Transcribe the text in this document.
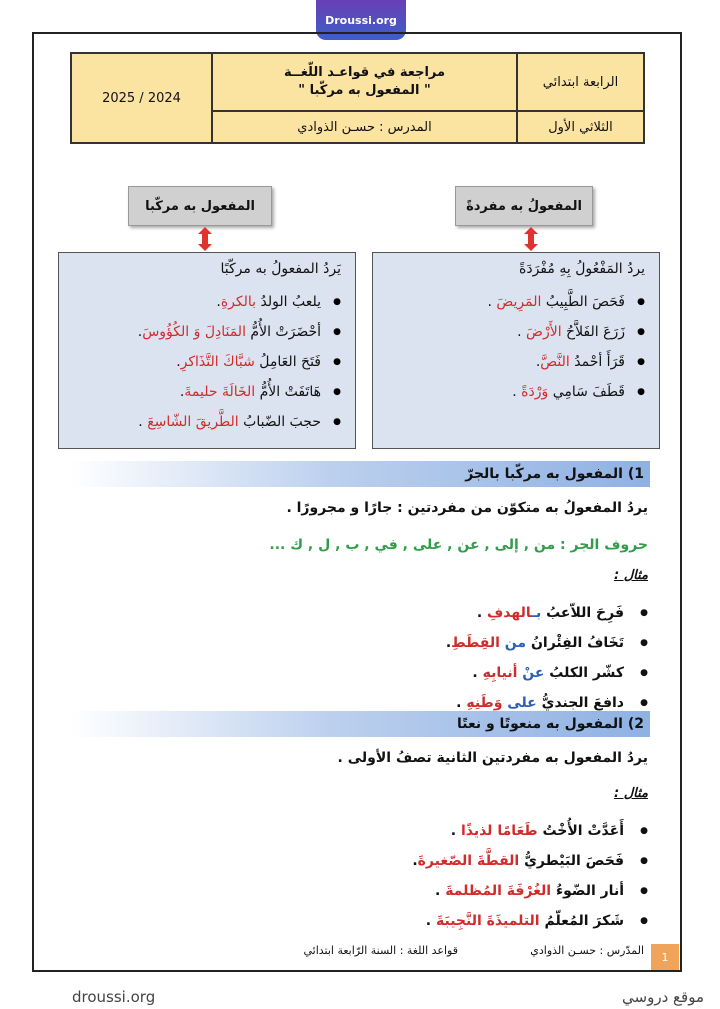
Droussi.org
الرابعة ابتدائي
الثلاثي الأول
مراجعة في قواعـد اللّغــة
" المفعول به مركّبا "
المدرس : حسـن الذوادي
2025 / 2024
المفعولُ به مفردةً
المفعول به مركّبا
يردُ المَفْعُولُ بِهِ مُفْرَدَةً
● فَحَصَ الطَّبِيبُ المَرِيضَ .
● زَرَعَ الفَلاَّحُ الأَرْضَ .
● قَرَأَ أحْمدُ النَّصَّ.
● قَطَفَ سَامِي وَرْدَةً .
يَردُ المفعولُ به مركّبًا
● يلعبُ الولدُ بالكرةِ.
● أحْضَرَتْ الأُمُّ المَنَادِلَ وَ الكُؤُوسَ.
● فَتَحَ العَامِلُ شبَّاكَ التَّذَاكرِ.
● هَاتَفَتْ الأُمُّ الخَالَةَ حليمةَ.
● حجبَ الضّبابُ الطَّريقَ الشّاسِعَ .
1) المفعول به مركّبا بالجرّ
يردُ المفعولُ به متكوّن من مفردتين : جارًا و مجرورًا .
حروف الجر : من , إلى , عن , على , في , ب , ل , ك ...
مثال :
● فَرِحَ اللاّعبُ بـالهدفِ .
● تَخَافُ الفِئْرانُ من القِطَطِ.
● كشّر الكلبُ عنْ أنيابِهِ .
● دافعَ الجنديُّ على وَطَنِهِ .
2) المفعول به منعوتًا و نعتًا
يردُ المفعول به مفردتين الثانية تصفُ الأولى .
مثال :
● أَعَدَّتْ الأُخْتُ طَعَامًا لذيذًا .
● فَحَصَ البَيْطريُّ القطَّةَ الصّغيرةَ.
● أنار الضّوءُ الغُرْفَةَ المُظلمةَ .
● شَكرَ المُعلّمُ التلميذَةَ النَّجِيبَةَ .
المدّرس : حسـن الذوادي
قواعد اللغة : السنة الرّابعة ابتدائي	1
droussi.org	موقع دروسي
